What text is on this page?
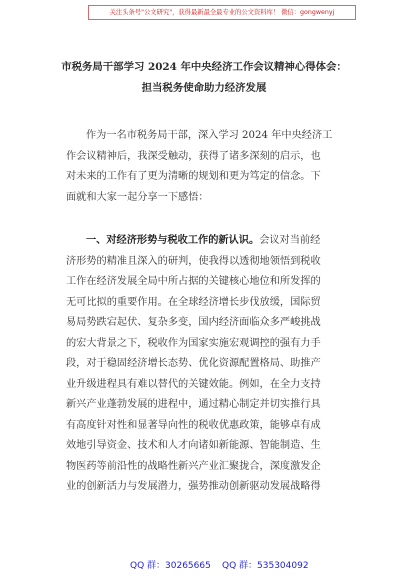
关注头条号"公文研究"，获得最新最全最专业的公文资料库！ 微信：gongwenyj
市税务局干部学习 2024 年中央经济工作会议精神心得体会：
担当税务使命助力经济发展
作为一名市税务局干部，深入学习 2024 年中央经济工
作会议精神后，我深受触动，获得了诸多深刻的启示，也
对未来的工作有了更为清晰的规划和更为笃定的信念。下
面就和大家一起分享一下感悟：
一、对经济形势与税收工作的新认识。会议对当前经
济形势的精准且深入的研判，使我得以透彻地领悟到税收
工作在经济发展全局中所占据的关键核心地位和所发挥的
无可比拟的重要作用。在全球经济增长步伐放缓，国际贸
易局势跌宕起伏、复杂多变，国内经济面临众多严峻挑战
的宏大背景之下，税收作为国家实施宏观调控的强有力手
段，对于稳固经济增长态势、优化资源配置格局、助推产
业升级进程具有难以替代的关键效能。例如，在全力支持
新兴产业蓬勃发展的进程中，通过精心制定并切实推行具
有高度针对性和显著导向性的税收优惠政策，能够卓有成
效地引导资金、技术和人才向诸如新能源、智能制造、生
物医药等前沿性的战略性新兴产业汇聚拢合，深度激发企
业的创新活力与发展潜力，强势推动创新驱动发展战略得
QQ 群：30265665 QQ 群：535304092
